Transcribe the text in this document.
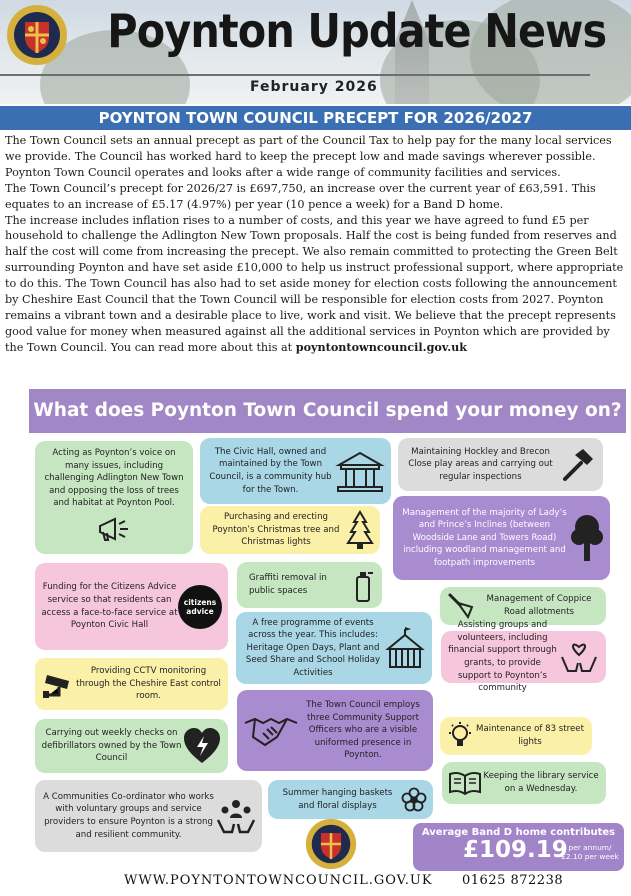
Poynton Update News
February 2026
POYNTON TOWN COUNCIL PRECEPT FOR 2026/2027

The Town Council sets an annual precept as part of the Council Tax to help pay for the many local services we provide. The Council has worked hard to keep the precept low and made savings wherever possible.

Poynton Town Council operates and looks after a wide range of community facilities and services.

The Town Council’s precept for 2026/27 is £697,750, an increase over the current year of £63,591. This equates to an increase of £5.17 (4.97%) per year (10 pence a week) for a Band D home.

The increase includes inflation rises to a number of costs, and this year we have agreed to fund £5 per household to challenge the Adlington New Town proposals. Half the cost is being funded from reserves and half the cost will come from increasing the precept. We also remain committed to protecting the Green Belt surrounding Poynton and have set aside £10,000 to help us instruct professional support, where appropriate to do this. The Town Council has also had to set aside money for election costs following the announcement by Cheshire East Council that the Town Council will be responsible for election costs from 2027. Poynton remains a vibrant town and a desirable place to live, work and visit. We believe that the precept represents good value for money when measured against all the additional services in Poynton which are provided by the Town Council. You can read more about this at poyntontowncouncil.gov.uk

What does Poynton Town Council spend your money on?
Acting as Poynton’s voice on many issues, including challenging Adlington New Town and opposing the loss of trees and habitat at Poynton Pool.
The Civic Hall, owned and maintained by the Town Council, is a community hub for the Town.
Maintaining Hockley and Brecon Close play areas and carrying out regular inspections
Purchasing and erecting Poynton’s Christmas tree and Christmas lights
Management of the majority of Lady’s and Prince’s Inclines (between Woodside Lane and Towers Road) including woodland management and footpath improvements
Funding for the Citizens Advice service so that residents can access a face-to-face service at Poynton Civic Hall
citizens advice
Graffiti removal in public spaces
Management of Coppice Road allotments
A free programme of events across the year. This includes: Heritage Open Days, Plant and Seed Share and School Holiday Activities
Assisting groups and volunteers, including financial support through grants, to provide support to Poynton’s community
Providing CCTV monitoring through the Cheshire East control room.
The Town Council employs three Community Support Officers who are a visible uniformed presence in Poynton.
Carrying out weekly checks on defibrillators owned by the Town Council
Maintenance of 83 street lights
Keeping the library service on a Wednesday.
A Communities Co-ordinator who works with voluntary groups and service providers to ensure Poynton is a strong and resilient community.
Summer hanging baskets and floral displays
Average Band D home contributes
£109.19 per annum/
£2.10 per week
WWW.POYNTONTOWNCOUNCIL.GOV.UK 01625 872238
